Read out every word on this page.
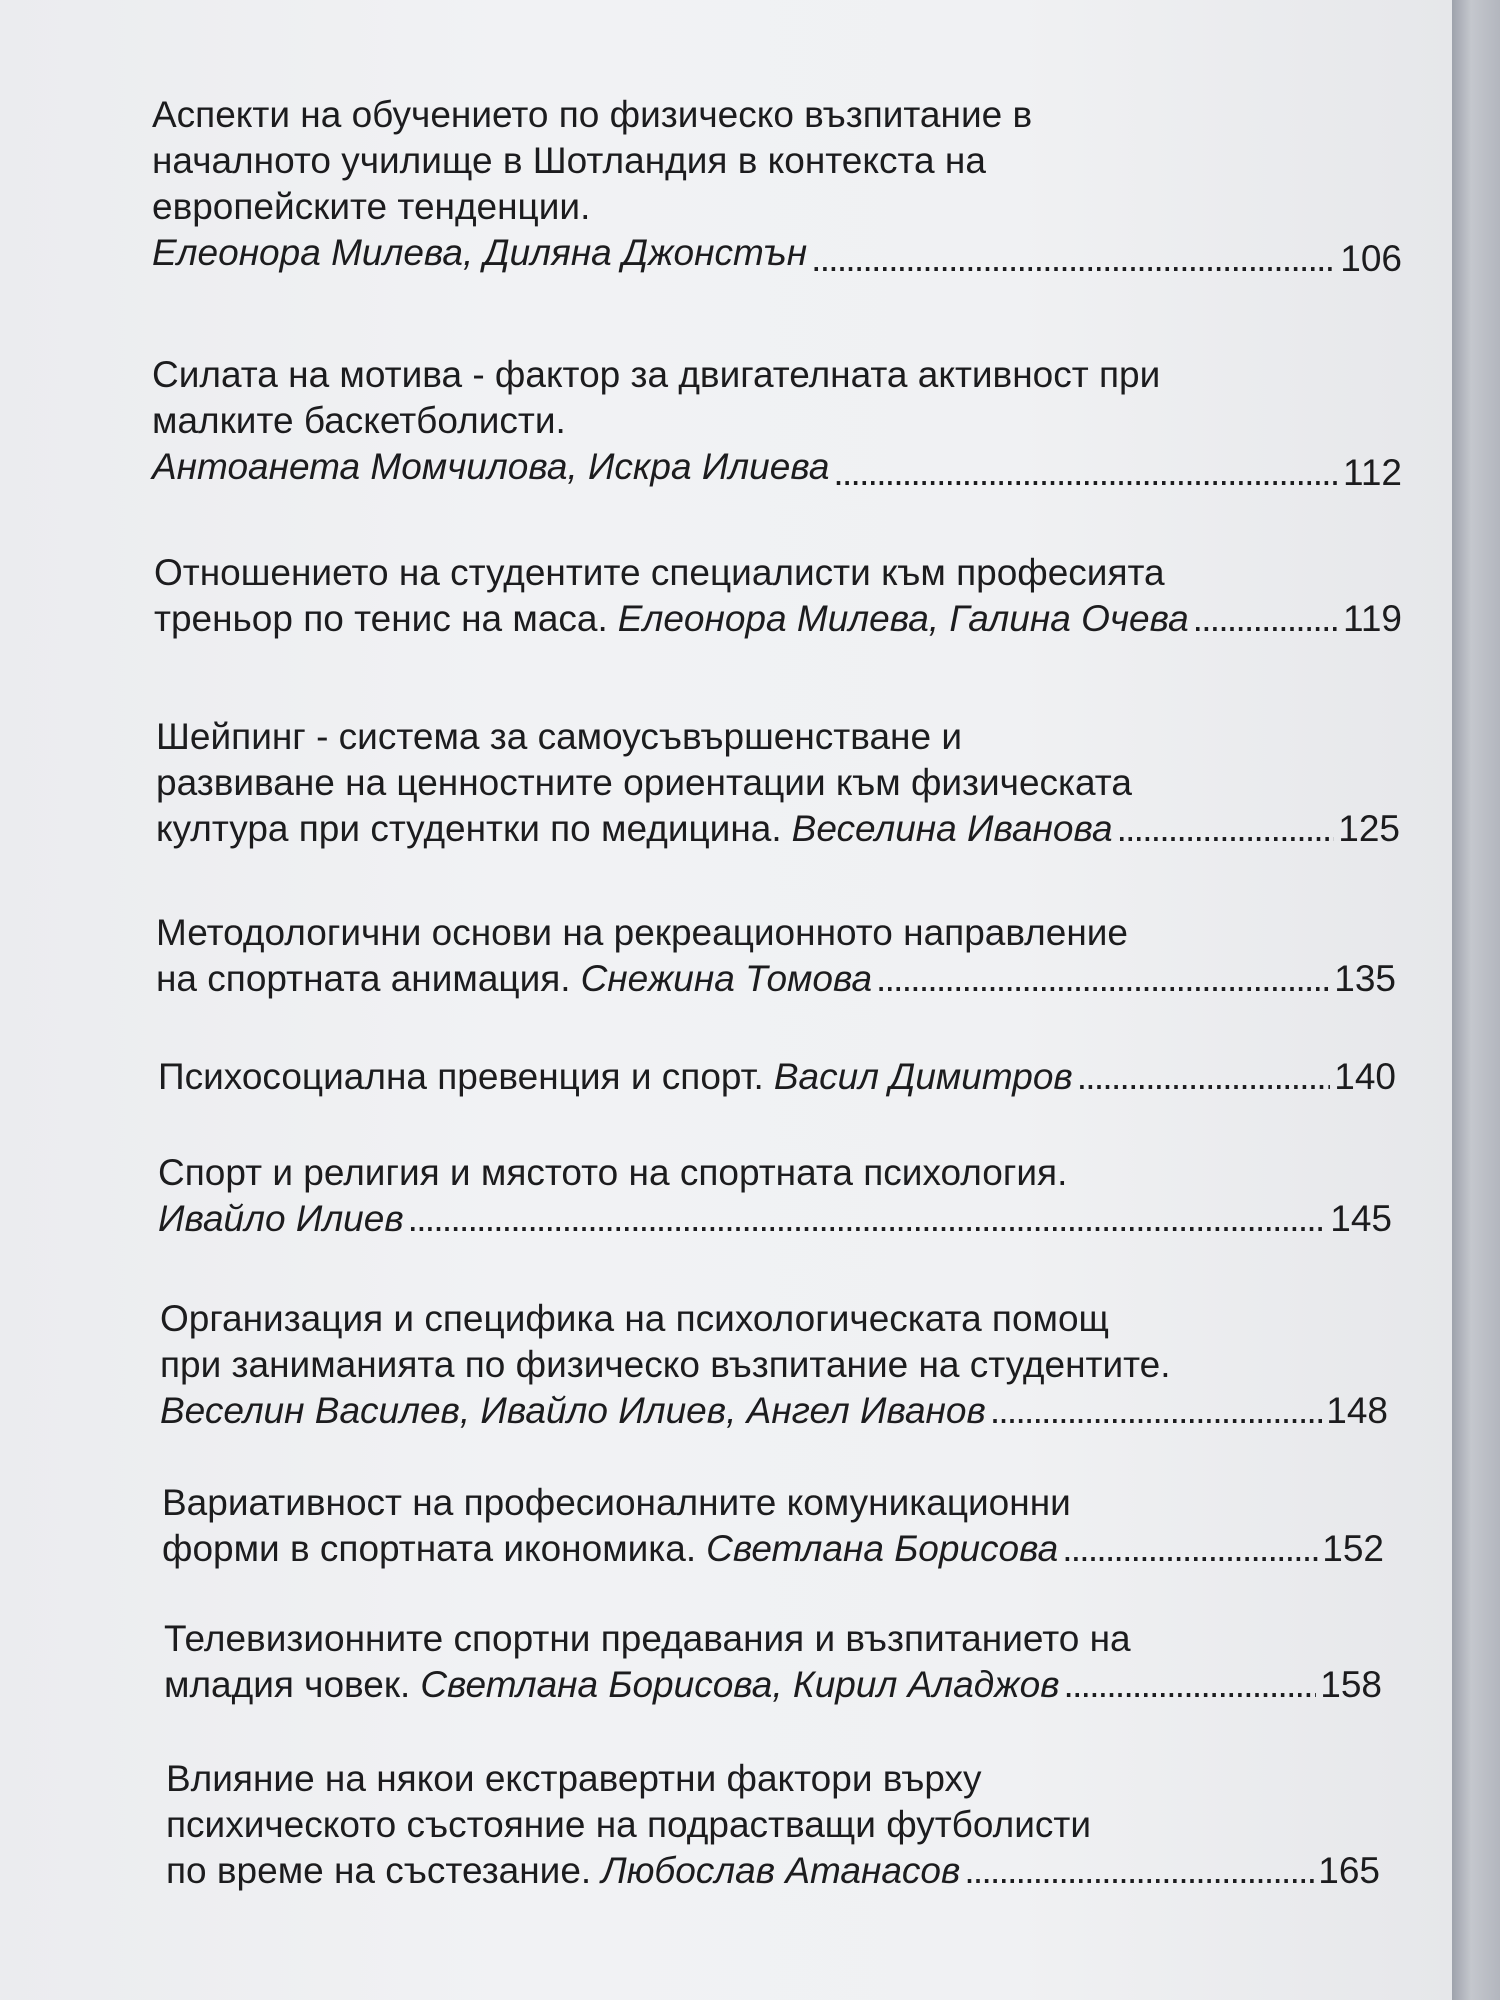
Аспекти на обучението по физическо възпитание в
началното училище в Шотландия в контекста на
европейските тенденции.
Елеонора Милева, Диляна Джонстън . . .	106
Силата на мотива - фактор за двигателната активност при
малките баскетболисти.
Антоанета Момчилова, Искра Илиева . . .	112
Отношението на студентите специалисти към професията
треньор по тенис на маса. Елеонора Милева, Галина Очева . . .	119
Шейпинг - система за самоусъвършенстване и
развиване на ценностните ориентации към физическата
култура при студентки по медицина. Веселина Иванова . . .	125
Методологични основи на рекреационното направление
на спортната анимация. Снежина Томова . . .	135
Психосоциална превенция и спорт. Васил Димитров . . .	140
Спорт и религия и мястото на спортната психология.
Ивайло Илиев . . .	145
Организация и специфика на психологическата помощ
при заниманията по физическо възпитание на студентите.
Веселин Василев, Ивайло Илиев, Ангел Иванов . . .	148
Вариативност на професионалните комуникационни
форми в спортната икономика. Светлана Борисова . . .	152
Телевизионните спортни предавания и възпитанието на
младия човек. Светлана Борисова, Кирил Аладжов . . .	158
Влияние на някои екстравертни фактори върху
психическото състояние на подрастващи футболисти
по време на състезание. Любослав Атанасов . . .	165
